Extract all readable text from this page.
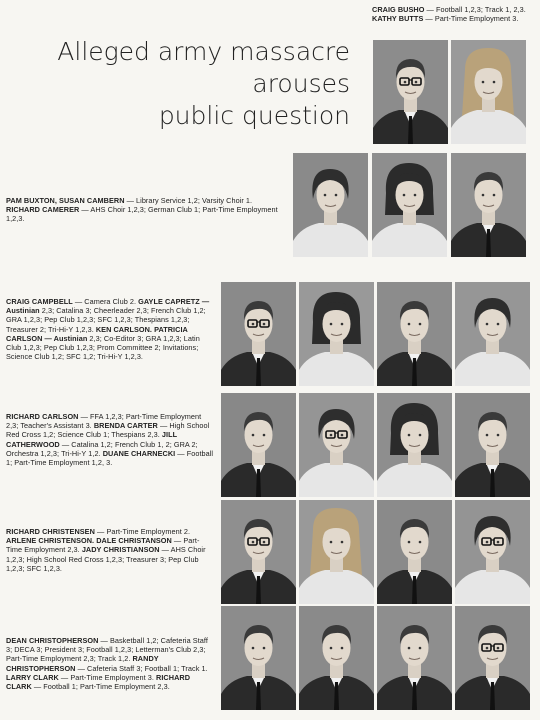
Alleged army massacre
arouses
public question
CRAIG BUSHO — Football 1,2,3; Track 1, 2,3. KATHY BUTTS — Part-Time Employment 3.
PAM BUXTON, SUSAN CAMBERN — Library Service 1,2; Varsity Choir 1. RICHARD CAMERER — AHS Choir 1,2,3; German Club 1; Part-Time Employment 1,2,3.
CRAIG CAMPBELL — Camera Club 2. GAYLE CAPRETZ — Austinian 2,3; Catalina 3; Cheerleader 2,3; French Club 1,2; GRA 1,2,3; Pep Club 1,2,3; SFC 1,2,3; Thespians 1,2,3; Treasurer 2; Tri-Hi-Y 1,2,3. KEN CARLSON. PATRICIA CARLSON — Austinian 2,3; Co-Editor 3; GRA 1,2,3; Latin Club 1,2,3; Pep Club 1,2,3; Prom Committee 2; Invitations; Science Club 1,2; SFC 1,2; Tri-Hi-Y 1,2,3.
RICHARD CARLSON — FFA 1,2,3; Part-Time Employment 2,3; Teacher's Assistant 3. BRENDA CARTER — High School Red Cross 1,2; Science Club 1; Thespians 2,3. JILL CATHERWOOD — Catalina 1,2; French Club 1, 2; GRA 2; Orchestra 1,2,3; Tri-Hi-Y 1,2. DUANE CHARNECKI — Football 1; Part-Time Employment 1,2, 3.
RICHARD CHRISTENSEN — Part-Time Employment 2. ARLENE CHRISTENSON. DALE CHRISTANSON — Part-Time Employment 2,3. JADY CHRISTIANSON — AHS Choir 1,2,3; High School Red Cross 1,2,3; Treasurer 3; Pep Club 1,2,3; SFC 1,2,3.
DEAN CHRISTOPHERSON — Basketball 1,2; Cafeteria Staff 3; DECA 3; President 3; Football 1,2,3; Letterman's Club 2,3; Part-Time Employment 2,3; Track 1,2. RANDY CHRISTOPHERSON — Cafeteria Staff 3; Football 1; Track 1. LARRY CLARK — Part-Time Employment 3. RICHARD CLARK — Football 1; Part-Time Employment 2,3.
